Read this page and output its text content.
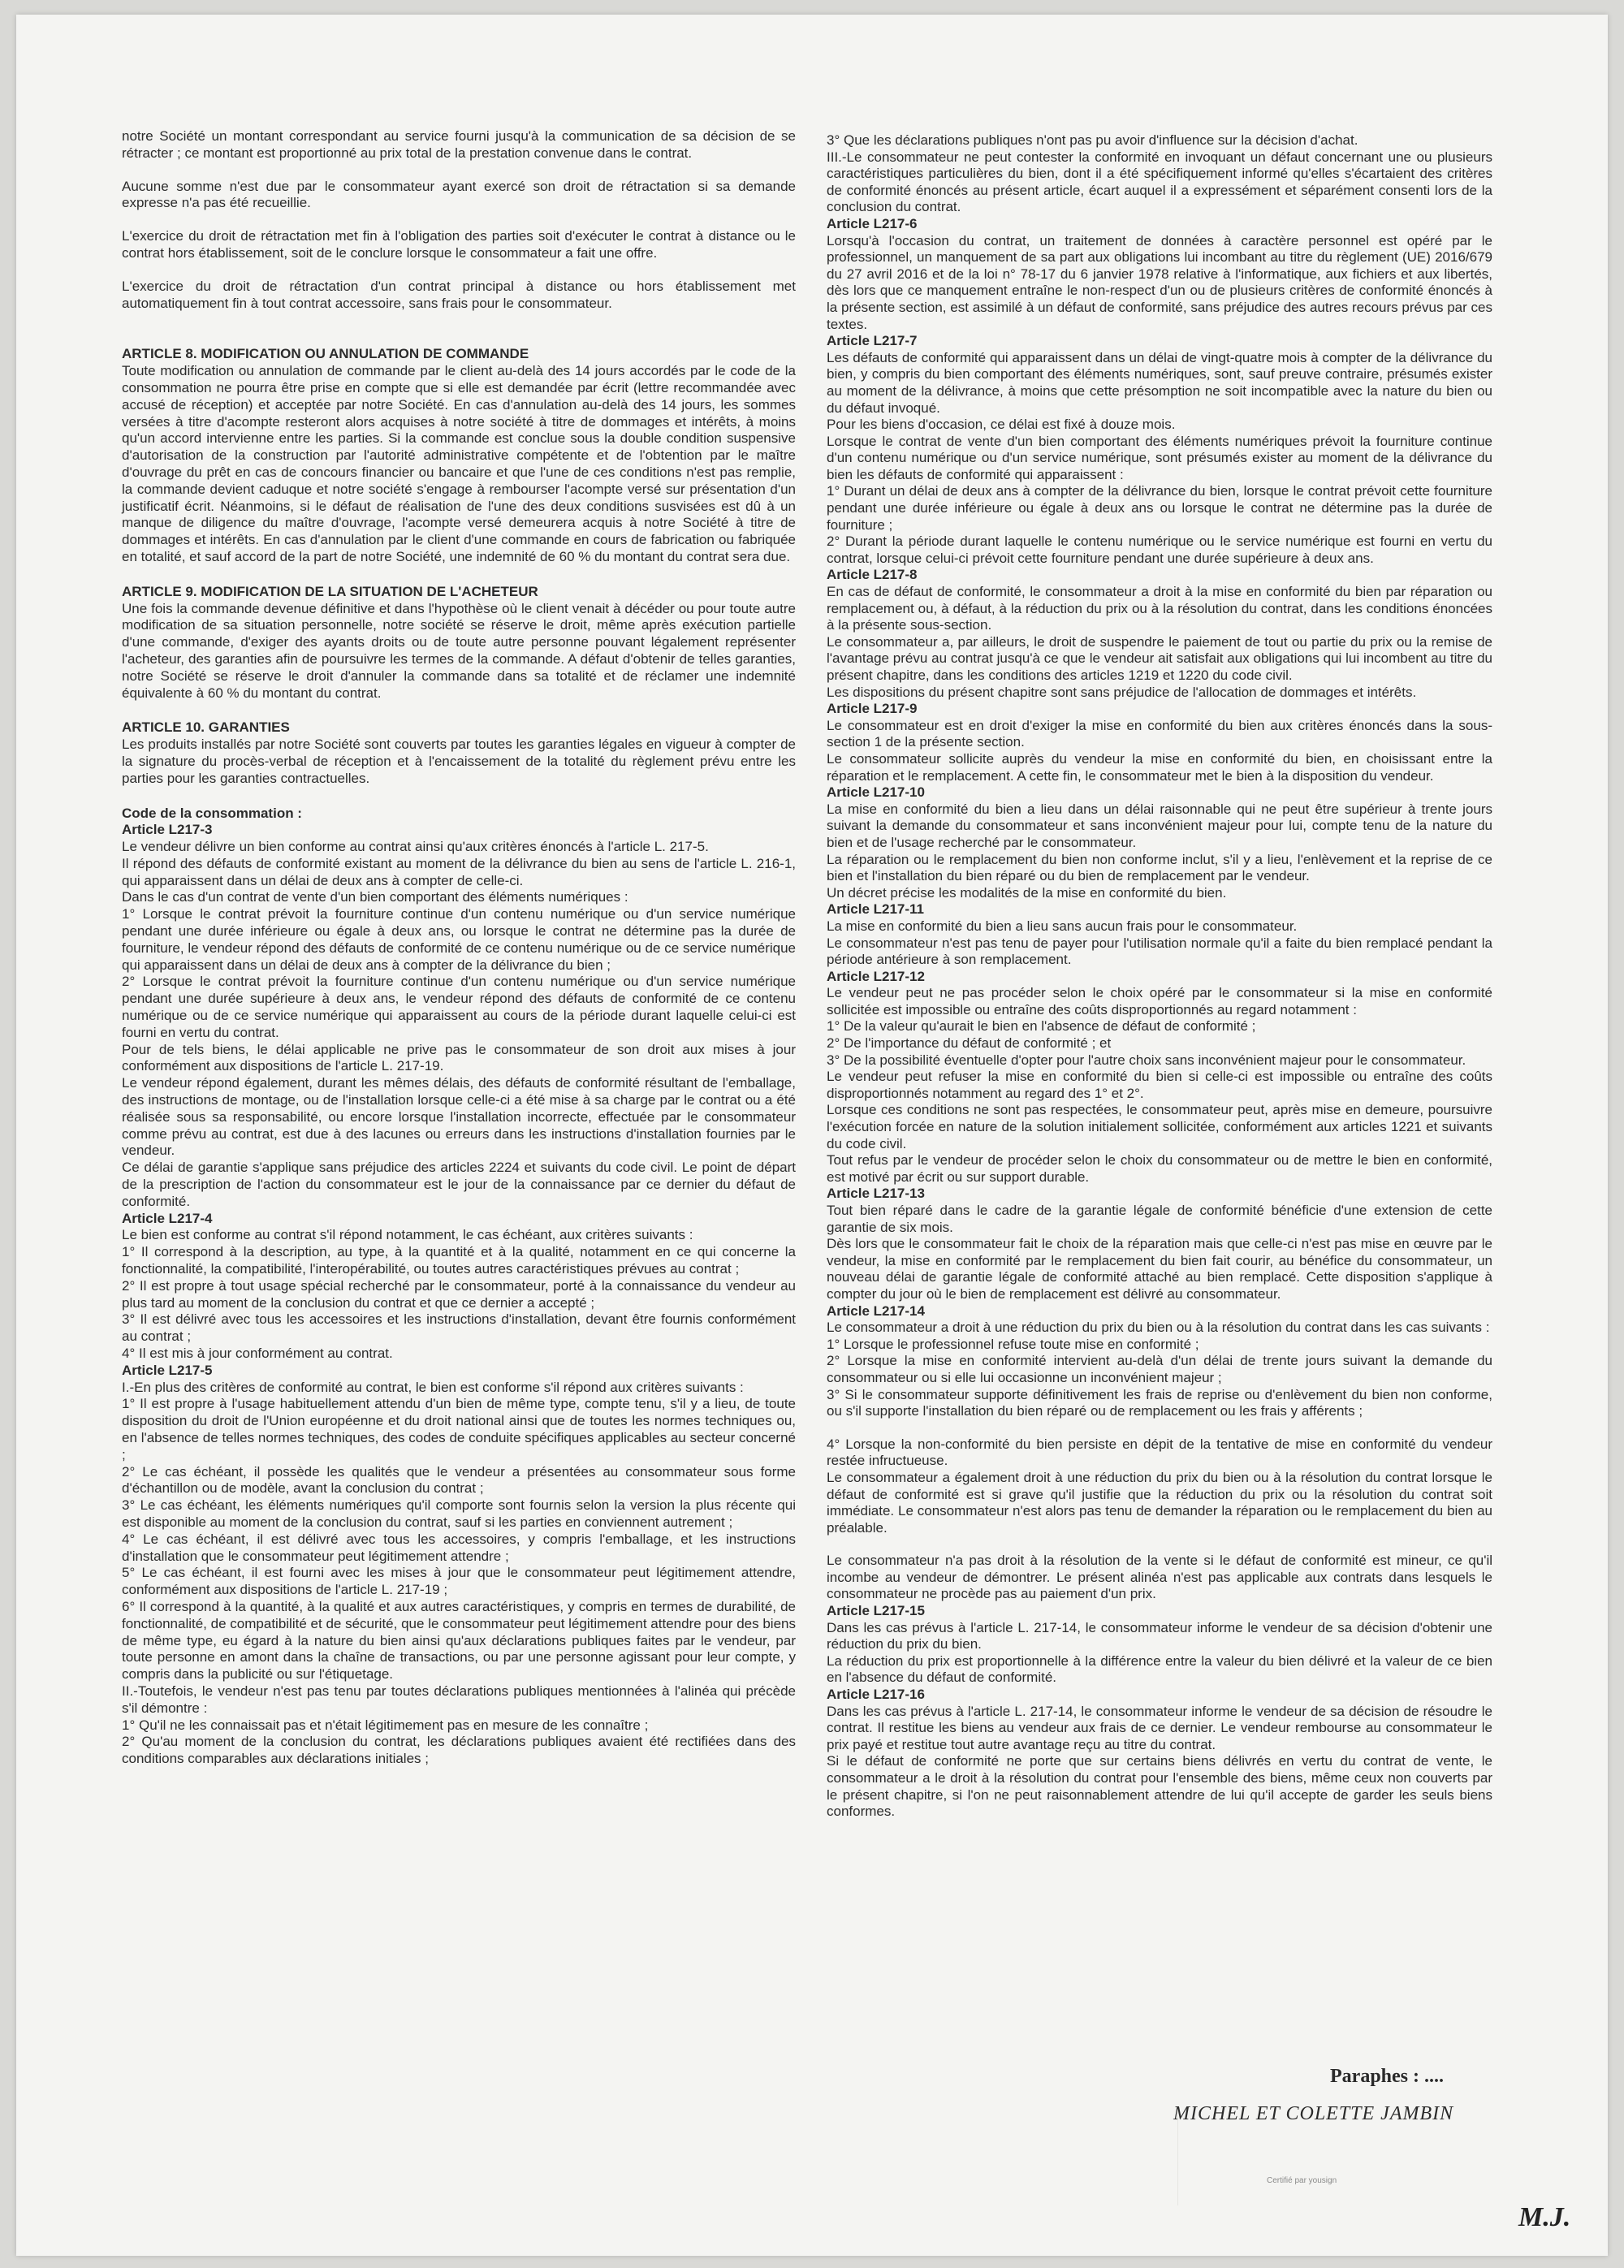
notre Société un montant correspondant au service fourni jusqu'à la communication de sa décision de se rétracter ; ce montant est proportionné au prix total de la prestation convenue dans le contrat.

Aucune somme n'est due par le consommateur ayant exercé son droit de rétractation si sa demande expresse n'a pas été recueillie.

L'exercice du droit de rétractation met fin à l'obligation des parties soit d'exécuter le contrat à distance ou le contrat hors établissement, soit de le conclure lorsque le consommateur a fait une offre.

L'exercice du droit de rétractation d'un contrat principal à distance ou hors établissement met automatiquement fin à tout contrat accessoire, sans frais pour le consommateur.

ARTICLE 8. MODIFICATION OU ANNULATION DE COMMANDE

Toute modification ou annulation de commande par le client au-delà des 14 jours accordés par le code de la consommation ne pourra être prise en compte que si elle est demandée par écrit (lettre recommandée avec accusé de réception) et acceptée par notre Société. En cas d'annulation au-delà des 14 jours, les sommes versées à titre d'acompte resteront alors acquises à notre société à titre de dommages et intérêts, à moins qu'un accord intervienne entre les parties. Si la commande est conclue sous la double condition suspensive d'autorisation de la construction par l'autorité administrative compétente et de l'obtention par le maître d'ouvrage du prêt en cas de concours financier ou bancaire et que l'une de ces conditions n'est pas remplie, la commande devient caduque et notre société s'engage à rembourser l'acompte versé sur présentation d'un justificatif écrit. Néanmoins, si le défaut de réalisation de l'une des deux conditions susvisées est dû à un manque de diligence du maître d'ouvrage, l'acompte versé demeurera acquis à notre Société à titre de dommages et intérêts. En cas d'annulation par le client d'une commande en cours de fabrication ou fabriquée en totalité, et sauf accord de la part de notre Société, une indemnité de 60 % du montant du contrat sera due.

ARTICLE 9. MODIFICATION DE LA SITUATION DE L'ACHETEUR

Une fois la commande devenue définitive et dans l'hypothèse où le client venait à décéder ou pour toute autre modification de sa situation personnelle, notre société se réserve le droit, même après exécution partielle d'une commande, d'exiger des ayants droits ou de toute autre personne pouvant légalement représenter l'acheteur, des garanties afin de poursuivre les termes de la commande. A défaut d'obtenir de telles garanties, notre Société se réserve le droit d'annuler la commande dans sa totalité et de réclamer une indemnité équivalente à 60 % du montant du contrat.

ARTICLE 10. GARANTIES

Les produits installés par notre Société sont couverts par toutes les garanties légales en vigueur à compter de la signature du procès-verbal de réception et à l'encaissement de la totalité du règlement prévu entre les parties pour les garanties contractuelles.

Code de la consommation :

Article L217-3

Le vendeur délivre un bien conforme au contrat ainsi qu'aux critères énoncés à l'article L. 217-5.

Il répond des défauts de conformité existant au moment de la délivrance du bien au sens de l'article L. 216-1, qui apparaissent dans un délai de deux ans à compter de celle-ci.

Dans le cas d'un contrat de vente d'un bien comportant des éléments numériques :

1° Lorsque le contrat prévoit la fourniture continue d'un contenu numérique ou d'un service numérique pendant une durée inférieure ou égale à deux ans, ou lorsque le contrat ne détermine pas la durée de fourniture, le vendeur répond des défauts de conformité de ce contenu numérique ou de ce service numérique qui apparaissent dans un délai de deux ans à compter de la délivrance du bien ;

2° Lorsque le contrat prévoit la fourniture continue d'un contenu numérique ou d'un service numérique pendant une durée supérieure à deux ans, le vendeur répond des défauts de conformité de ce contenu numérique ou de ce service numérique qui apparaissent au cours de la période durant laquelle celui-ci est fourni en vertu du contrat.

Pour de tels biens, le délai applicable ne prive pas le consommateur de son droit aux mises à jour conformément aux dispositions de l'article L. 217-19.

Le vendeur répond également, durant les mêmes délais, des défauts de conformité résultant de l'emballage, des instructions de montage, ou de l'installation lorsque celle-ci a été mise à sa charge par le contrat ou a été réalisée sous sa responsabilité, ou encore lorsque l'installation incorrecte, effectuée par le consommateur comme prévu au contrat, est due à des lacunes ou erreurs dans les instructions d'installation fournies par le vendeur.

Ce délai de garantie s'applique sans préjudice des articles 2224 et suivants du code civil. Le point de départ de la prescription de l'action du consommateur est le jour de la connaissance par ce dernier du défaut de conformité.

Article L217-4

Le bien est conforme au contrat s'il répond notamment, le cas échéant, aux critères suivants :

1° Il correspond à la description, au type, à la quantité et à la qualité, notamment en ce qui concerne la fonctionnalité, la compatibilité, l'interopérabilité, ou toutes autres caractéristiques prévues au contrat ;

2° Il est propre à tout usage spécial recherché par le consommateur, porté à la connaissance du vendeur au plus tard au moment de la conclusion du contrat et que ce dernier a accepté ;

3° Il est délivré avec tous les accessoires et les instructions d'installation, devant être fournis conformément au contrat ;

4° Il est mis à jour conformément au contrat.

Article L217-5

I.-En plus des critères de conformité au contrat, le bien est conforme s'il répond aux critères suivants :

1° Il est propre à l'usage habituellement attendu d'un bien de même type, compte tenu, s'il y a lieu, de toute disposition du droit de l'Union européenne et du droit national ainsi que de toutes les normes techniques ou, en l'absence de telles normes techniques, des codes de conduite spécifiques applicables au secteur concerné ;

2° Le cas échéant, il possède les qualités que le vendeur a présentées au consommateur sous forme d'échantillon ou de modèle, avant la conclusion du contrat ;

3° Le cas échéant, les éléments numériques qu'il comporte sont fournis selon la version la plus récente qui est disponible au moment de la conclusion du contrat, sauf si les parties en conviennent autrement ;

4° Le cas échéant, il est délivré avec tous les accessoires, y compris l'emballage, et les instructions d'installation que le consommateur peut légitimement attendre ;

5° Le cas échéant, il est fourni avec les mises à jour que le consommateur peut légitimement attendre, conformément aux dispositions de l'article L. 217-19 ;

6° Il correspond à la quantité, à la qualité et aux autres caractéristiques, y compris en termes de durabilité, de fonctionnalité, de compatibilité et de sécurité, que le consommateur peut légitimement attendre pour des biens de même type, eu égard à la nature du bien ainsi qu'aux déclarations publiques faites par le vendeur, par toute personne en amont dans la chaîne de transactions, ou par une personne agissant pour leur compte, y compris dans la publicité ou sur l'étiquetage.

II.-Toutefois, le vendeur n'est pas tenu par toutes déclarations publiques mentionnées à l'alinéa qui précède s'il démontre :

1° Qu'il ne les connaissait pas et n'était légitimement pas en mesure de les connaître ;

2° Qu'au moment de la conclusion du contrat, les déclarations publiques avaient été rectifiées dans des conditions comparables aux déclarations initiales ;

3° Que les déclarations publiques n'ont pas pu avoir d'influence sur la décision d'achat.

III.-Le consommateur ne peut contester la conformité en invoquant un défaut concernant une ou plusieurs caractéristiques particulières du bien, dont il a été spécifiquement informé qu'elles s'écartaient des critères de conformité énoncés au présent article, écart auquel il a expressément et séparément consenti lors de la conclusion du contrat.

Article L217-6

Lorsqu'à l'occasion du contrat, un traitement de données à caractère personnel est opéré par le professionnel, un manquement de sa part aux obligations lui incombant au titre du règlement (UE) 2016/679 du 27 avril 2016 et de la loi n° 78-17 du 6 janvier 1978 relative à l'informatique, aux fichiers et aux libertés, dès lors que ce manquement entraîne le non-respect d'un ou de plusieurs critères de conformité énoncés à la présente section, est assimilé à un défaut de conformité, sans préjudice des autres recours prévus par ces textes.

Article L217-7

Les défauts de conformité qui apparaissent dans un délai de vingt-quatre mois à compter de la délivrance du bien, y compris du bien comportant des éléments numériques, sont, sauf preuve contraire, présumés exister au moment de la délivrance, à moins que cette présomption ne soit incompatible avec la nature du bien ou du défaut invoqué.

Pour les biens d'occasion, ce délai est fixé à douze mois.

Lorsque le contrat de vente d'un bien comportant des éléments numériques prévoit la fourniture continue d'un contenu numérique ou d'un service numérique, sont présumés exister au moment de la délivrance du bien les défauts de conformité qui apparaissent :

1° Durant un délai de deux ans à compter de la délivrance du bien, lorsque le contrat prévoit cette fourniture pendant une durée inférieure ou égale à deux ans ou lorsque le contrat ne détermine pas la durée de fourniture ;

2° Durant la période durant laquelle le contenu numérique ou le service numérique est fourni en vertu du contrat, lorsque celui-ci prévoit cette fourniture pendant une durée supérieure à deux ans.

Article L217-8

En cas de défaut de conformité, le consommateur a droit à la mise en conformité du bien par réparation ou remplacement ou, à défaut, à la réduction du prix ou à la résolution du contrat, dans les conditions énoncées à la présente sous-section.

Le consommateur a, par ailleurs, le droit de suspendre le paiement de tout ou partie du prix ou la remise de l'avantage prévu au contrat jusqu'à ce que le vendeur ait satisfait aux obligations qui lui incombent au titre du présent chapitre, dans les conditions des articles 1219 et 1220 du code civil.

Les dispositions du présent chapitre sont sans préjudice de l'allocation de dommages et intérêts.

Article L217-9

Le consommateur est en droit d'exiger la mise en conformité du bien aux critères énoncés dans la sous-section 1 de la présente section.

Le consommateur sollicite auprès du vendeur la mise en conformité du bien, en choisissant entre la réparation et le remplacement. A cette fin, le consommateur met le bien à la disposition du vendeur.

Article L217-10

La mise en conformité du bien a lieu dans un délai raisonnable qui ne peut être supérieur à trente jours suivant la demande du consommateur et sans inconvénient majeur pour lui, compte tenu de la nature du bien et de l'usage recherché par le consommateur.

La réparation ou le remplacement du bien non conforme inclut, s'il y a lieu, l'enlèvement et la reprise de ce bien et l'installation du bien réparé ou du bien de remplacement par le vendeur.

Un décret précise les modalités de la mise en conformité du bien.

Article L217-11

La mise en conformité du bien a lieu sans aucun frais pour le consommateur.

Le consommateur n'est pas tenu de payer pour l'utilisation normale qu'il a faite du bien remplacé pendant la période antérieure à son remplacement.

Article L217-12

Le vendeur peut ne pas procéder selon le choix opéré par le consommateur si la mise en conformité sollicitée est impossible ou entraîne des coûts disproportionnés au regard notamment :

1° De la valeur qu'aurait le bien en l'absence de défaut de conformité ;

2° De l'importance du défaut de conformité ; et

3° De la possibilité éventuelle d'opter pour l'autre choix sans inconvénient majeur pour le consommateur.

Le vendeur peut refuser la mise en conformité du bien si celle-ci est impossible ou entraîne des coûts disproportionnés notamment au regard des 1° et 2°.

Lorsque ces conditions ne sont pas respectées, le consommateur peut, après mise en demeure, poursuivre l'exécution forcée en nature de la solution initialement sollicitée, conformément aux articles 1221 et suivants du code civil.

Tout refus par le vendeur de procéder selon le choix du consommateur ou de mettre le bien en conformité, est motivé par écrit ou sur support durable.

Article L217-13

Tout bien réparé dans le cadre de la garantie légale de conformité bénéficie d'une extension de cette garantie de six mois.

Dès lors que le consommateur fait le choix de la réparation mais que celle-ci n'est pas mise en œuvre par le vendeur, la mise en conformité par le remplacement du bien fait courir, au bénéfice du consommateur, un nouveau délai de garantie légale de conformité attaché au bien remplacé. Cette disposition s'applique à compter du jour où le bien de remplacement est délivré au consommateur.

Article L217-14

Le consommateur a droit à une réduction du prix du bien ou à la résolution du contrat dans les cas suivants :

1° Lorsque le professionnel refuse toute mise en conformité ;

2° Lorsque la mise en conformité intervient au-delà d'un délai de trente jours suivant la demande du consommateur ou si elle lui occasionne un inconvénient majeur ;

3° Si le consommateur supporte définitivement les frais de reprise ou d'enlèvement du bien non conforme, ou s'il supporte l'installation du bien réparé ou de remplacement ou les frais y afférents ;

4° Lorsque la non-conformité du bien persiste en dépit de la tentative de mise en conformité du vendeur restée infructueuse.

Le consommateur a également droit à une réduction du prix du bien ou à la résolution du contrat lorsque le défaut de conformité est si grave qu'il justifie que la réduction du prix ou la résolution du contrat soit immédiate. Le consommateur n'est alors pas tenu de demander la réparation ou le remplacement du bien au préalable.

Le consommateur n'a pas droit à la résolution de la vente si le défaut de conformité est mineur, ce qu'il incombe au vendeur de démontrer. Le présent alinéa n'est pas applicable aux contrats dans lesquels le consommateur ne procède pas au paiement d'un prix.

Article L217-15

Dans les cas prévus à l'article L. 217-14, le consommateur informe le vendeur de sa décision d'obtenir une réduction du prix du bien.

La réduction du prix est proportionnelle à la différence entre la valeur du bien délivré et la valeur de ce bien en l'absence du défaut de conformité.

Article L217-16

Dans les cas prévus à l'article L. 217-14, le consommateur informe le vendeur de sa décision de résoudre le contrat. Il restitue les biens au vendeur aux frais de ce dernier. Le vendeur rembourse au consommateur le prix payé et restitue tout autre avantage reçu au titre du contrat.

Si le défaut de conformité ne porte que sur certains biens délivrés en vertu du contrat de vente, le consommateur a le droit à la résolution du contrat pour l'ensemble des biens, même ceux non couverts par le présent chapitre, si l'on ne peut raisonnablement attendre de lui qu'il accepte de garder les seuls biens conformes.

Paraphes : ....
MICHEL ET COLETTE JAMBIN
Certifié par yousign
M.J.
